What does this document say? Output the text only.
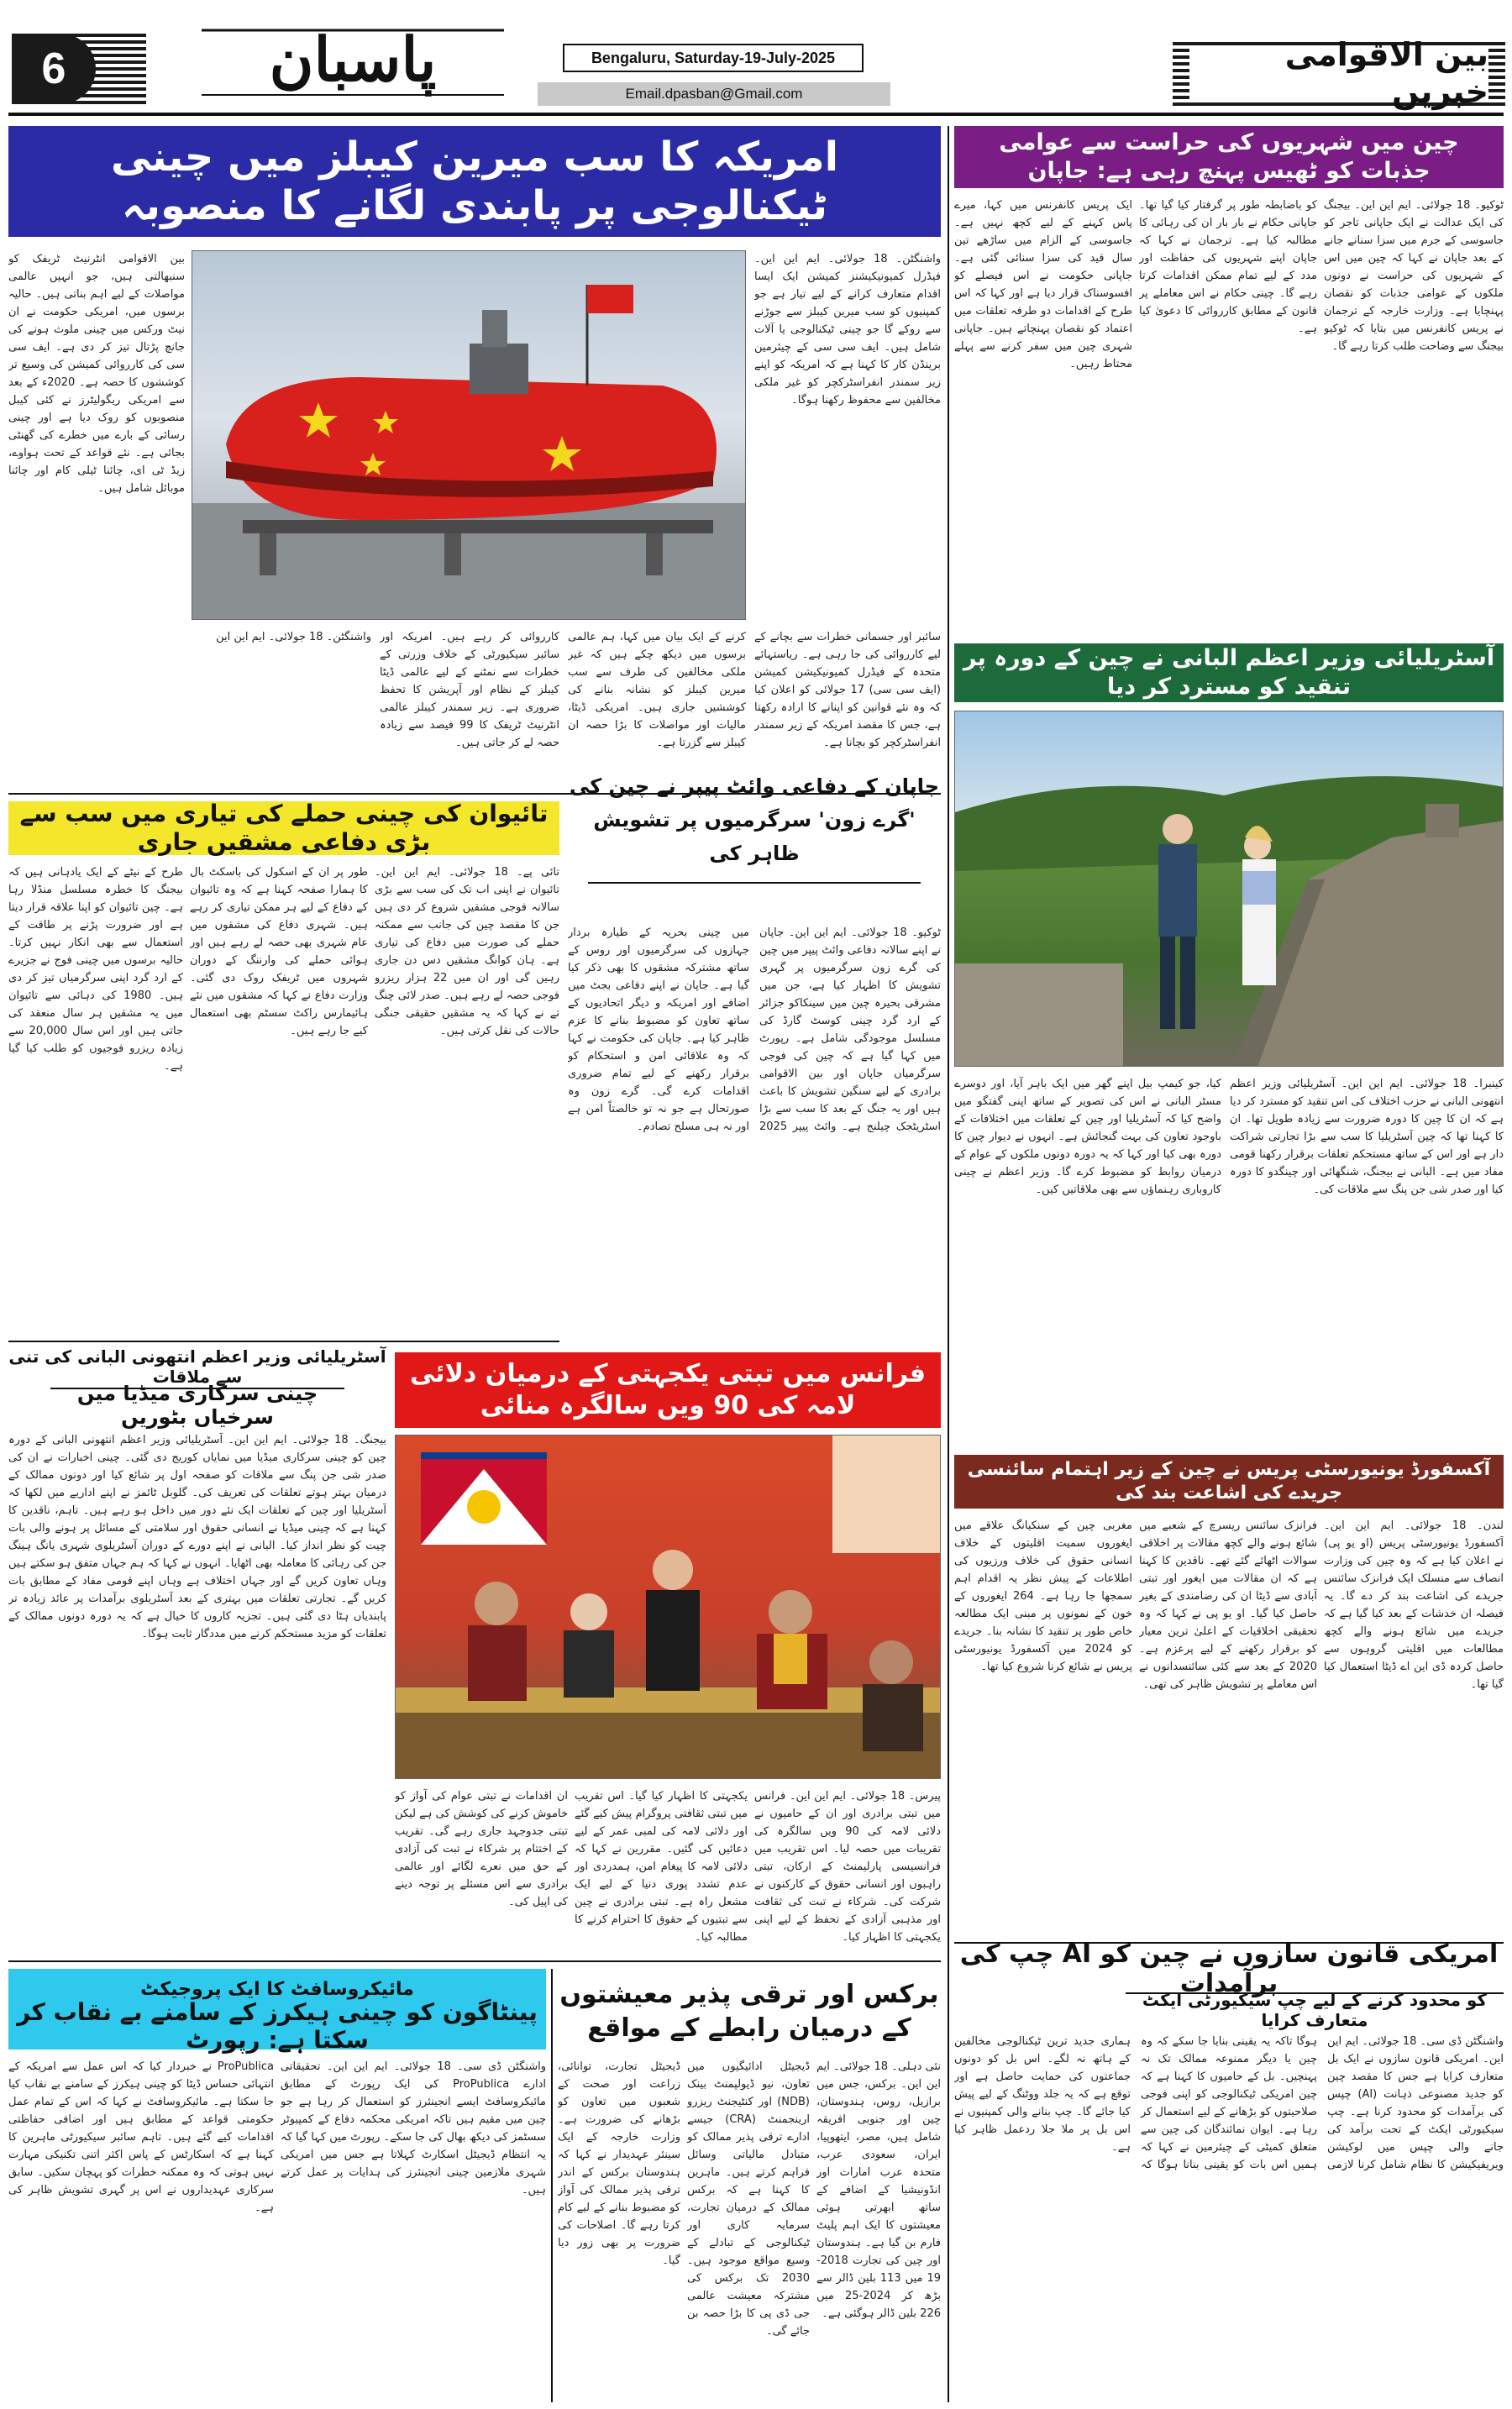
6	پاسبان	Bengaluru, Saturday-19-July-2025
Email.dpasban@Gmail.com
بین الاقوامی خبریں
امریکہ کا سب میرین کیبلز میں چینی ٹیکنالوجی پر پابندی لگانے کا منصوبہ
واشنگٹن۔ 18 جولائی۔ ایم این این۔ فیڈرل کمیونیکیشنز کمیشن ایک ایسا اقدام متعارف کرانے کے لیے تیار ہے جو کمپنیوں کو سب میرین کیبلز سے جوڑنے سے روکے گا جو چینی ٹیکنالوجی یا آلات شامل ہیں۔ ایف سی سی کے چیئرمین برینڈن کار کا کہنا ہے کہ امریکہ کو اپنے زیر سمندر انفراسٹرکچر کو غیر ملکی مخالفین سے محفوظ رکھنا ہوگا۔
بین الاقوامی انٹرنیٹ ٹریفک کو سنبھالتی ہیں، جو انہیں عالمی مواصلات کے لیے اہم بناتی ہیں۔ حالیہ برسوں میں، امریکی حکومت نے ان نیٹ ورکس میں چینی ملوث ہونے کی جانچ پڑتال تیز کر دی ہے۔ ایف سی سی کی کارروائی کمیشن کی وسیع تر کوششوں کا حصہ ہے۔ 2020ء کے بعد سے امریکی ریگولیٹرز نے کئی کیبل منصوبوں کو روک دیا ہے اور چینی رسائی کے بارے میں خطرے کی گھنٹی بجائی ہے۔ نئے قواعد کے تحت ہواوے، زیڈ ٹی ای، چائنا ٹیلی کام اور چائنا موبائل شامل ہیں۔
سائبر اور جسمانی خطرات سے بچانے کے لیے کارروائی کی جا رہی ہے۔ ریاستہائے متحدہ کے فیڈرل کمیونیکیشن کمیشن (ایف سی سی) 17 جولائی کو اعلان کیا کہ وہ نئے قوانین کو اپنانے کا ارادہ رکھتا ہے، جس کا مقصد امریکہ کے زیر سمندر انفراسٹرکچر کو بچانا ہے۔
کرنے کے ایک بیان میں کہا، ہم عالمی برسوں میں دیکھ چکے ہیں کہ غیر ملکی مخالفین کی طرف سے سب میرین کیبلز کو نشانہ بنانے کی کوششیں جاری ہیں۔ امریکی ڈیٹا، مالیات اور مواصلات کا بڑا حصہ ان کیبلز سے گزرتا ہے۔
کارروائی کر رہے ہیں۔ امریکہ اور سائبر سیکیورٹی کے خلاف وزرتی کے خطرات سے نمٹنے کے لیے عالمی ڈیٹا کیبلز کے نظام اور آپریشن کا تحفظ ضروری ہے۔ زیر سمندر کیبلز عالمی انٹرنیٹ ٹریفک کا 99 فیصد سے زیادہ حصہ لے کر جاتی ہیں۔
واشنگٹن۔ 18 جولائی۔ ایم این این
چین میں شہریوں کی حراست سے عوامی جذبات کو ٹھیس پہنچ رہی ہے: جاپان
ٹوکیو۔ 18 جولائی۔ ایم این این۔ بیجنگ کی ایک عدالت نے ایک جاپانی تاجر کو جاسوسی کے جرم میں سزا سنانے جانے کے بعد جاپان نے کہا کہ چین میں اس کے شہریوں کی حراست نے دونوں ملکوں کے عوامی جذبات کو نقصان پہنچایا ہے۔ وزارت خارجہ کے ترجمان نے پریس کانفرنس میں بتایا کہ ٹوکیو بیجنگ سے وضاحت طلب کرتا رہے گا۔
کو باضابطہ طور پر گرفتار کیا گیا تھا۔ جاپانی حکام نے بار بار ان کی رہائی کا مطالبہ کیا ہے۔ ترجمان نے کہا کہ جاپان اپنے شہریوں کی حفاظت اور مدد کے لیے تمام ممکن اقدامات کرتا رہے گا۔ چینی حکام نے اس معاملے پر قانون کے مطابق کارروائی کا دعویٰ کیا ہے۔
ایک پریس کانفرنس میں کہا، میرے پاس کہنے کے لیے کچھ نہیں ہے۔ جاسوسی کے الزام میں ساڑھے تین سال قید کی سزا سنائی گئی ہے۔ جاپانی حکومت نے اس فیصلے کو افسوسناک قرار دیا ہے اور کہا کہ اس طرح کے اقدامات دو طرفہ تعلقات میں اعتماد کو نقصان پہنچاتے ہیں۔ جاپانی شہری چین میں سفر کرنے سے پہلے محتاط رہیں۔
آسٹریلیائی وزیر اعظم البانی نے چین کے دورہ پر تنقید کو مسترد کر دیا
کینبرا۔ 18 جولائی۔ ایم این این۔ آسٹریلیائی وزیر اعظم انتھونی البانی نے حزب اختلاف کی اس تنقید کو مسترد کر دیا ہے کہ ان کا چین کا دورہ ضرورت سے زیادہ طویل تھا۔ ان کا کہنا تھا کہ چین آسٹریلیا کا سب سے بڑا تجارتی شراکت دار ہے اور اس کے ساتھ مستحکم تعلقات برقرار رکھنا قومی مفاد میں ہے۔ البانی نے بیجنگ، شنگھائی اور چینگدو کا دورہ کیا اور صدر شی جن پنگ سے ملاقات کی۔
کیا، جو کیمپ بیل اپنے گھر میں ایک باہر آیا، اور دوسرے مسٹر البانی نے اس کی تصویر کے ساتھ اپنی گفتگو میں واضح کیا کہ آسٹریلیا اور چین کے تعلقات میں اختلافات کے باوجود تعاون کی بہت گنجائش ہے۔ انہوں نے دیوار چین کا دورہ بھی کیا اور کہا کہ یہ دورہ دونوں ملکوں کے عوام کے درمیان روابط کو مضبوط کرے گا۔ وزیر اعظم نے چینی کاروباری رہنماؤں سے بھی ملاقاتیں کیں۔
آکسفورڈ یونیورسٹی پریس نے چین کے زیر اہتمام سائنسی جریدے کی اشاعت بند کی
لندن۔ 18 جولائی۔ ایم این این۔ آکسفورڈ یونیورسٹی پریس (او یو پی) نے اعلان کیا ہے کہ وہ چین کی وزارت انصاف سے منسلک ایک فرانزک سائنس جریدے کی اشاعت بند کر دے گا۔ یہ فیصلہ ان خدشات کے بعد کیا گیا ہے کہ جریدے میں شائع ہونے والے کچھ مطالعات میں اقلیتی گروہوں سے حاصل کردہ ڈی این اے ڈیٹا استعمال کیا گیا تھا۔
فرانزک سائنس ریسرچ کے شعبے میں شائع ہونے والے کچھ مقالات پر اخلاقی سوالات اٹھائے گئے تھے۔ ناقدین کا کہنا ہے کہ ان مقالات میں ایغور اور تبتی آبادی سے ڈیٹا ان کی رضامندی کے بغیر حاصل کیا گیا۔ او یو پی نے کہا کہ وہ تحقیقی اخلاقیات کے اعلیٰ ترین معیار کو برقرار رکھنے کے لیے پرعزم ہے۔ 2020 کے بعد سے کئی سائنسدانوں نے اس معاملے پر تشویش ظاہر کی تھی۔
مغربی چین کے سنکیانگ علاقے میں ایغوروں سمیت اقلیتوں کے خلاف انسانی حقوق کی خلاف ورزیوں کی اطلاعات کے پیش نظر یہ اقدام اہم سمجھا جا رہا ہے۔ 264 ایغوروں کے خون کے نمونوں پر مبنی ایک مطالعہ خاص طور پر تنقید کا نشانہ بنا۔ جریدے کو 2024 میں آکسفورڈ یونیورسٹی پریس نے شائع کرنا شروع کیا تھا۔
امریکی قانون سازوں نے چین کو AI چپ کی برآمدات
کو محدود کرنے کے لیے چپ سیکیورٹی ایکٹ متعارف کرایا
واشنگٹن ڈی سی۔ 18 جولائی۔ ایم این این۔ امریکی قانون سازوں نے ایک بل متعارف کرایا ہے جس کا مقصد چین کو جدید مصنوعی ذہانت (AI) چپس کی برآمدات کو محدود کرنا ہے۔ چپ سیکیورٹی ایکٹ کے تحت برآمد کی جانے والی چپس میں لوکیشن ویریفیکیشن کا نظام شامل کرنا لازمی ہوگا تاکہ یہ یقینی بنایا جا سکے کہ وہ چین یا دیگر ممنوعہ ممالک تک نہ پہنچیں۔ بل کے حامیوں کا کہنا ہے کہ چین امریکی ٹیکنالوجی کو اپنی فوجی صلاحیتوں کو بڑھانے کے لیے استعمال کر رہا ہے۔ ایوان نمائندگان کی چین سے متعلق کمیٹی کے چیئرمین نے کہا کہ ہمیں اس بات کو یقینی بنانا ہوگا کہ ہماری جدید ترین ٹیکنالوجی مخالفین کے ہاتھ نہ لگے۔ اس بل کو دونوں جماعتوں کی حمایت حاصل ہے اور توقع ہے کہ یہ جلد ووٹنگ کے لیے پیش کیا جائے گا۔ چپ بنانے والی کمپنیوں نے اس بل پر ملا جلا ردعمل ظاہر کیا ہے۔
جاپان کے دفاعی وائٹ پیپر نے چین کی 'گرے زون' سرگرمیوں پر تشویش ظاہر کی
ٹوکیو۔ 18 جولائی۔ ایم این این۔ جاپان نے اپنے سالانہ دفاعی وائٹ پیپر میں چین کی گرے زون سرگرمیوں پر گہری تشویش کا اظہار کیا ہے، جن میں مشرقی بحیرہ چین میں سینکاکو جزائر کے ارد گرد چینی کوسٹ گارڈ کی مسلسل موجودگی شامل ہے۔ رپورٹ میں کہا گیا ہے کہ چین کی فوجی سرگرمیاں جاپان اور بین الاقوامی برادری کے لیے سنگین تشویش کا باعث ہیں اور یہ جنگ کے بعد کا سب سے بڑا اسٹریٹجک چیلنج ہے۔ وائٹ پیپر 2025 میں چینی بحریہ کے طیارہ بردار جہازوں کی سرگرمیوں اور روس کے ساتھ مشترکہ مشقوں کا بھی ذکر کیا گیا ہے۔ جاپان نے اپنے دفاعی بجٹ میں اضافے اور امریکہ و دیگر اتحادیوں کے ساتھ تعاون کو مضبوط بنانے کا عزم ظاہر کیا ہے۔ جاپان کی حکومت نے کہا کہ وہ علاقائی امن و استحکام کو برقرار رکھنے کے لیے تمام ضروری اقدامات کرے گی۔ گرے زون وہ صورتحال ہے جو نہ تو خالصتاً امن ہے اور نہ ہی مسلح تصادم۔
تائیوان کی چینی حملے کی تیاری میں سب سے بڑی دفاعی مشقیں جاری
تائی پے۔ 18 جولائی۔ ایم این این۔ تائیوان نے اپنی اب تک کی سب سے بڑی سالانہ فوجی مشقیں شروع کر دی ہیں جن کا مقصد چین کی جانب سے ممکنہ حملے کی صورت میں دفاع کی تیاری ہے۔ ہان کوانگ مشقیں دس دن جاری رہیں گی اور ان میں 22 ہزار ریزرو فوجی حصہ لے رہے ہیں۔ صدر لائی چنگ تے نے کہا کہ یہ مشقیں حقیقی جنگی حالات کی نقل کرتی ہیں۔
طور پر ان کے اسکول کی باسکٹ بال کا ہمارا صفحہ کہنا ہے کہ وہ تائیوان کے دفاع کے لیے ہر ممکن تیاری کر رہے ہیں۔ شہری دفاع کی مشقوں میں عام شہری بھی حصہ لے رہے ہیں اور ہوائی حملے کی وارننگ کے دوران شہروں میں ٹریفک روک دی گئی۔ وزارت دفاع نے کہا کہ مشقوں میں نئے ہائیمارس راکٹ سسٹم بھی استعمال کیے جا رہے ہیں۔
طرح کے نیٹے کے ایک یادہانی ہیں کہ بیجنگ کا خطرہ مسلسل منڈلا رہا ہے۔ چین تائیوان کو اپنا علاقہ قرار دیتا ہے اور ضرورت پڑنے پر طاقت کے استعمال سے بھی انکار نہیں کرتا۔ حالیہ برسوں میں چینی فوج نے جزیرے کے ارد گرد اپنی سرگرمیاں تیز کر دی ہیں۔ 1980 کی دہائی سے تائیوان میں یہ مشقیں ہر سال منعقد کی جاتی ہیں اور اس سال 20,000 سے زیادہ ریزرو فوجیوں کو طلب کیا گیا ہے۔
فرانس میں تبتی یکجہتی کے درمیان دلائی لامہ کی 90 ویں سالگرہ منائی
پیرس۔ 18 جولائی۔ ایم این این۔ فرانس میں تبتی برادری اور ان کے حامیوں نے دلائی لامہ کی 90 ویں سالگرہ کی تقریبات میں حصہ لیا۔ اس تقریب میں فرانسیسی پارلیمنٹ کے ارکان، تبتی راہبوں اور انسانی حقوق کے کارکنوں نے شرکت کی۔ شرکاء نے تبت کی ثقافت اور مذہبی آزادی کے تحفظ کے لیے اپنی یکجہتی کا اظہار کیا۔
یکجہتی کا اظہار کیا گیا۔ اس تقریب میں تبتی ثقافتی پروگرام پیش کیے گئے اور دلائی لامہ کی لمبی عمر کے لیے دعائیں کی گئیں۔ مقررین نے کہا کہ دلائی لامہ کا پیغام امن، ہمدردی اور عدم تشدد پوری دنیا کے لیے ایک مشعل راہ ہے۔ تبتی برادری نے چین سے تبتیوں کے حقوق کا احترام کرنے کا مطالبہ کیا۔
ان اقدامات نے تبتی عوام کی آواز کو خاموش کرنے کی کوشش کی ہے لیکن تبتی جدوجہد جاری رہے گی۔ تقریب کے اختتام پر شرکاء نے تبت کی آزادی کے حق میں نعرے لگائے اور عالمی برادری سے اس مسئلے پر توجہ دینے کی اپیل کی۔
آسٹریلیائی وزیر اعظم انتھونی البانی کی تنی سے ملاقات
چینی سرکاری میڈیا میں سرخیاں بٹوریں
بیجنگ۔ 18 جولائی۔ ایم این این۔ آسٹریلیائی وزیر اعظم انتھونی البانی کے دورہ چین کو چینی سرکاری میڈیا میں نمایاں کوریج دی گئی۔ چینی اخبارات نے ان کی صدر شی جن پنگ سے ملاقات کو صفحہ اول پر شائع کیا اور دونوں ممالک کے درمیان بہتر ہوتے تعلقات کی تعریف کی۔ گلوبل ٹائمز نے اپنے اداریے میں لکھا کہ آسٹریلیا اور چین کے تعلقات ایک نئے دور میں داخل ہو رہے ہیں۔ تاہم، ناقدین کا کہنا ہے کہ چینی میڈیا نے انسانی حقوق اور سلامتی کے مسائل پر ہونے والی بات چیت کو نظر انداز کیا۔ البانی نے اپنے دورے کے دوران آسٹریلوی شہری یانگ ہینگ جن کی رہائی کا معاملہ بھی اٹھایا۔ انہوں نے کہا کہ ہم جہاں متفق ہو سکتے ہیں وہاں تعاون کریں گے اور جہاں اختلاف ہے وہاں اپنے قومی مفاد کے مطابق بات کریں گے۔ تجارتی تعلقات میں بہتری کے بعد آسٹریلوی برآمدات پر عائد زیادہ تر پابندیاں ہٹا دی گئی ہیں۔ تجزیہ کاروں کا خیال ہے کہ یہ دورہ دونوں ممالک کے تعلقات کو مزید مستحکم کرنے میں مددگار ثابت ہوگا۔
مائیکروسافٹ کا ایک پروجیکٹ
پینٹاگون کو چینی ہیکرز کے سامنے بے نقاب کر سکتا ہے: رپورٹ
واشنگٹن ڈی سی۔ 18 جولائی۔ ایم این این۔ تحقیقاتی ادارے ProPublica کی ایک رپورٹ کے مطابق مائیکروسافٹ ایسے انجینئرز کو استعمال کر رہا ہے جو چین میں مقیم ہیں تاکہ امریکی محکمہ دفاع کے کمپیوٹر سسٹمز کی دیکھ بھال کی جا سکے۔ رپورٹ میں کہا گیا کہ یہ انتظام ڈیجیٹل اسکارٹ کہلاتا ہے جس میں امریکی شہری ملازمین چینی انجینئرز کی ہدایات پر عمل کرتے ہیں۔
ProPublica نے خبردار کیا کہ اس عمل سے امریکہ کے انتہائی حساس ڈیٹا کو چینی ہیکرز کے سامنے بے نقاب کیا جا سکتا ہے۔ مائیکروسافٹ نے کہا کہ اس کے تمام عمل حکومتی قواعد کے مطابق ہیں اور اضافی حفاظتی اقدامات کیے گئے ہیں۔ تاہم سائبر سیکیورٹی ماہرین کا کہنا ہے کہ اسکارٹس کے پاس اکثر اتنی تکنیکی مہارت نہیں ہوتی کہ وہ ممکنہ خطرات کو پہچان سکیں۔ سابق سرکاری عہدیداروں نے اس پر گہری تشویش ظاہر کی ہے۔
برکس اور ترقی پذیر معیشتوں کے درمیان رابطے کے مواقع
نئی دہلی۔ 18 جولائی۔ ایم این این۔ برکس، جس میں برازیل، روس، ہندوستان، چین اور جنوبی افریقہ شامل ہیں، مصر، ایتھوپیا، ایران، سعودی عرب، متحدہ عرب امارات اور انڈونیشیا کے اضافے کے ساتھ ابھرتی ہوئی معیشتوں کا ایک اہم پلیٹ فارم بن گیا ہے۔ ہندوستان اور چین کی تجارت 2018-19 میں 113 بلین ڈالر سے بڑھ کر 2024-25 میں 226 بلین ڈالر ہوگئی ہے۔
ڈیجیٹل ادائیگیوں میں تعاون، نیو ڈیولپمنٹ بینک (NDB) اور کنٹیجنٹ ریزرو ارینجمنٹ (CRA) جیسے ادارے ترقی پذیر ممالک کو متبادل مالیاتی وسائل فراہم کرتے ہیں۔ ماہرین کا کہنا ہے کہ برکس ممالک کے درمیان تجارت، سرمایہ کاری اور ٹیکنالوجی کے تبادلے کے وسیع مواقع موجود ہیں۔ 2030 تک برکس کی مشترکہ معیشت عالمی جی ڈی پی کا بڑا حصہ بن جائے گی۔
ڈیجیٹل تجارت، توانائی، زراعت اور صحت کے شعبوں میں تعاون کو بڑھانے کی ضرورت ہے۔ وزارت خارجہ کے ایک سینئر عہدیدار نے کہا کہ ہندوستان برکس کے اندر ترقی پذیر ممالک کی آواز کو مضبوط بنانے کے لیے کام کرتا رہے گا۔ اصلاحات کی ضرورت پر بھی زور دیا گیا۔
